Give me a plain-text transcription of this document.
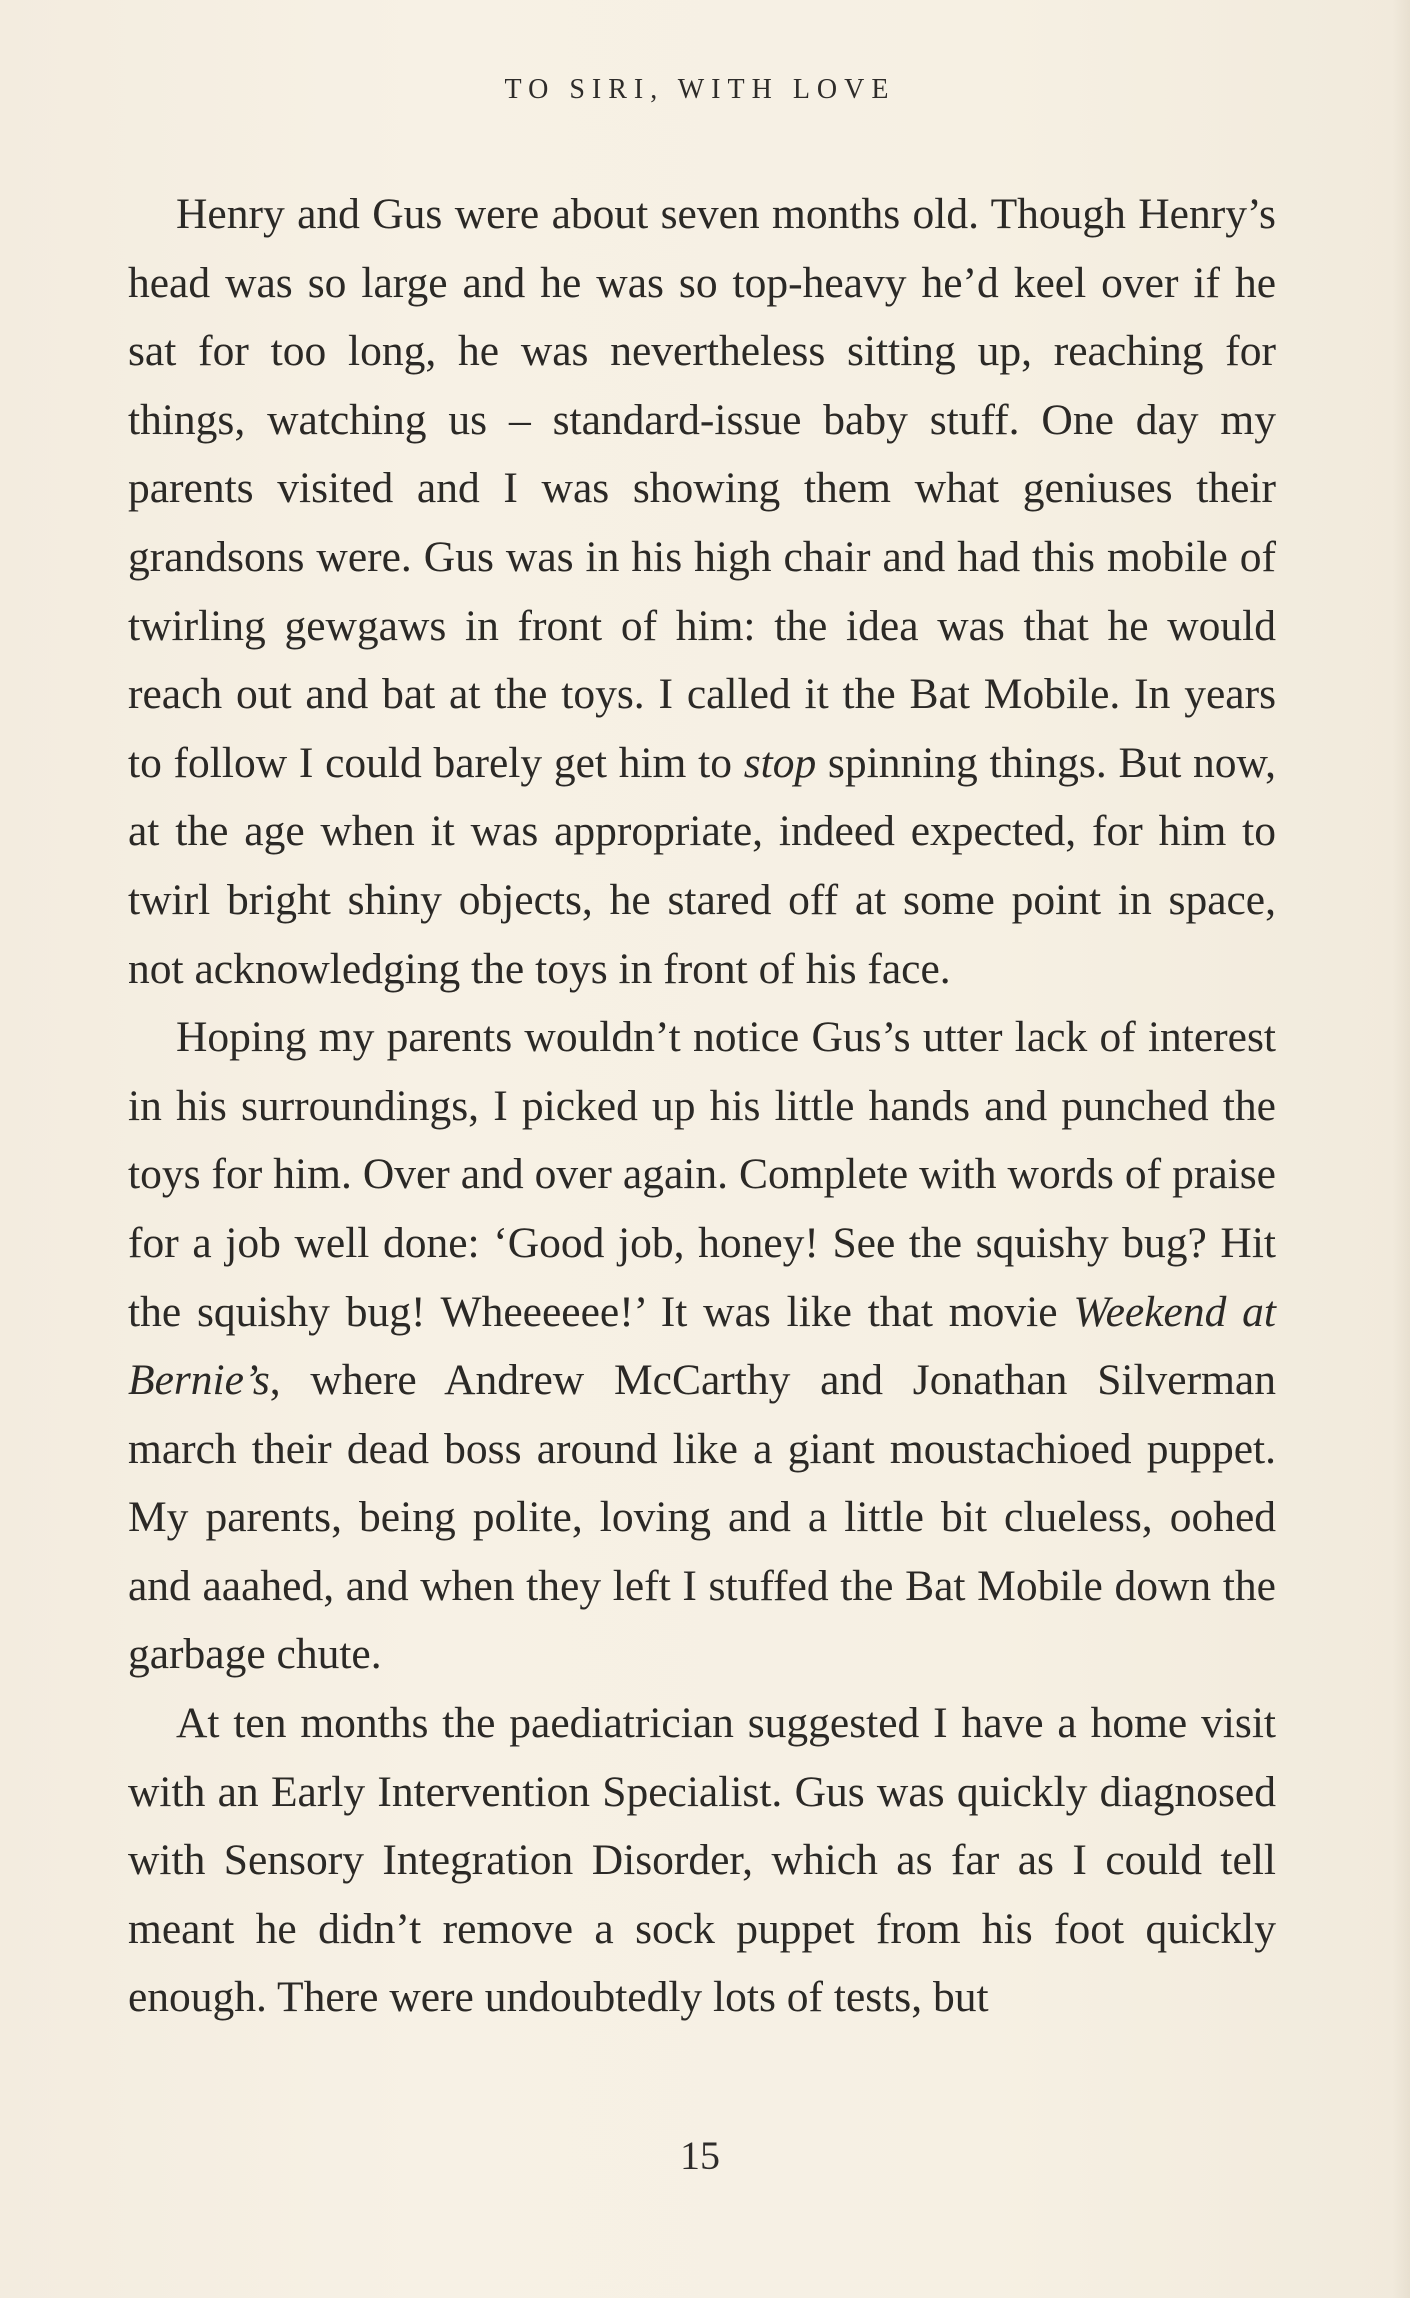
TO SIRI, WITH LOVE

Henry and Gus were about seven months old. Though Henry’s head was so large and he was so top-heavy he’d keel over if he sat for too long, he was nevertheless sitting up, reaching for things, watching us – standard-issue baby stuff. One day my parents visited and I was showing them what geniuses their grandsons were. Gus was in his high chair and had this mobile of twirling gewgaws in front of him: the idea was that he would reach out and bat at the toys. I called it the Bat Mobile. In years to follow I could barely get him to stop spinning things. But now, at the age when it was appropriate, indeed expected, for him to twirl bright shiny objects, he stared off at some point in space, not acknowledging the toys in front of his face.

Hoping my parents wouldn’t notice Gus’s utter lack of interest in his surroundings, I picked up his little hands and punched the toys for him. Over and over again. Complete with words of praise for a job well done: ‘Good job, honey! See the squishy bug? Hit the squishy bug! Wheeeeee!’ It was like that movie Weekend at Bernie’s, where Andrew McCarthy and Jonathan Silverman march their dead boss around like a giant moustachioed puppet. My parents, being polite, loving and a little bit clueless, oohed and aaahed, and when they left I stuffed the Bat Mobile down the garbage chute.

At ten months the paediatrician suggested I have a home visit with an Early Intervention Specialist. Gus was quickly diagnosed with Sensory Integration Disorder, which as far as I could tell meant he didn’t remove a sock puppet from his foot quickly enough. There were undoubtedly lots of tests, but

15
